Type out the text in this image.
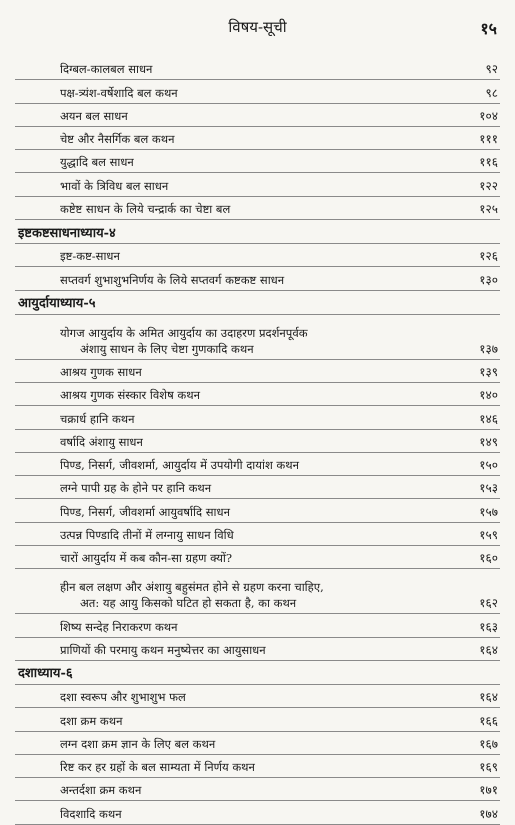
विषय-सूची	१५
दिग्बल-कालबल साधन	९२
पक्ष-त्र्यंश-वर्षेशादि बल कथन	९८
अयन बल साधन	१०४
चेष्ट और नैसर्गिक बल कथन	१११
युद्धादि बल साधन	११६
भावों के त्रिविध बल साधन	१२२
कष्टेष्ट साधन के लिये चन्द्रार्क का चेष्टा बल	१२५
इष्टकष्टसाधनाध्याय-४
इष्ट-कष्ट-साधन	१२६
सप्तवर्ग शुभाशुभनिर्णय के लिये सप्तवर्ग कष्टकष्ट साधन	१३०
आयुर्दायाध्याय-५
योगज आयुर्दाय के अमित आयुर्दाय का उदाहरण प्रदर्शनपूर्वक
अंशायु साधन के लिए चेष्टा गुणकादि कथन	१३७
आश्रय गुणक साधन	१३९
आश्रय गुणक संस्कार विशेष कथन	१४०
चक्रार्ध हानि कथन	१४६
वर्षादि अंशायु साधन	१४९
पिण्ड, निसर्ग, जीवशर्मा, आयुर्दाय में उपयोगी दायांश कथन	१५०
लग्ने पापी ग्रह के होने पर हानि कथन	१५३
पिण्ड, निसर्ग, जीवशर्मा आयुवर्षादि साधन	१५७
उत्पन्न पिण्डादि तीनों में लग्नायु साधन विधि	१५९
चारों आयुर्दाय में कब कौन-सा ग्रहण क्यों?	१६०
हीन बल लक्षण और अंशायु बहुसंमत होने से ग्रहण करना चाहिए,
अत: यह आयु किसको घटित हो सकता है, का कथन	१६२
शिष्य सन्देह निराकरण कथन	१६३
प्राणियों की परमायु कथन मनुष्येत्तर का आयुसाधन	१६४
दशाध्याय-६
दशा स्वरूप और शुभाशुभ फल	१६४
दशा क्रम कथन	१६६
लग्न दशा क्रम ज्ञान के लिए बल कथन	१६७
रिष्ट कर हर ग्रहों के बल साम्यता में निर्णय कथन	१६९
अन्तर्दशा क्रम कथन	१७१
विदशादि कथन	१७४
